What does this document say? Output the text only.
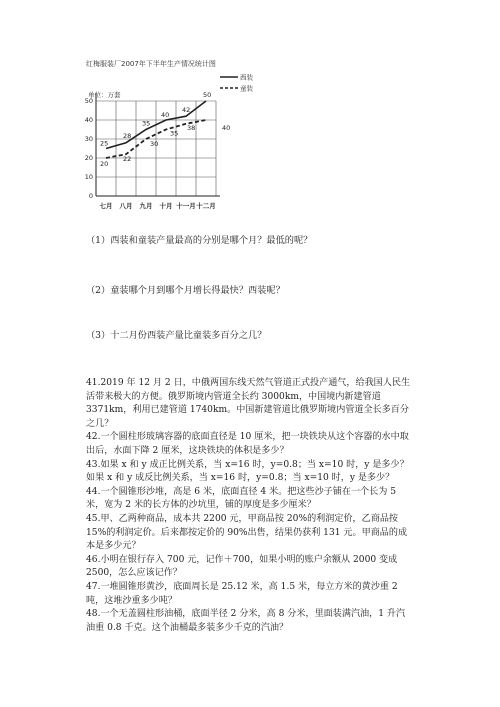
红梅服装厂2007年下半年生产情况统计图
0
10
20
30
40
50
七月 八月 九月 十月 十一月 十二月
25
28
35
40
42
50
20
22
30
35
38	40
西装
童装
单位：万套
（1）西装和童装产量最高的分别是哪个月？最低的呢？
（2）童装哪个月到哪个月增长得最快？西装呢？
（3）十二月份西装产量比童装多百分之几？

41.2019 年 12 月 2 日，中俄两国东线天然气管道正式投产通气，给我国人民生活带来极大的方便。俄罗斯境内管道全长约 3000km，中国境内新建管道 3371km，利用已建管道 1740km。中国新建管道比俄罗斯境内管道全长多百分之几？

42.一个圆柱形玻璃容器的底面直径是 10 厘米，把一块铁块从这个容器的水中取出后，水面下降 2 厘米，这块铁块的体积是多少？

43.如果 x 和 y 成正比例关系，当 x=16 时，y=0.8；当 x=10 时，y 是多少？如果 x 和 y 成反比例关系，当 x=16 时，y=0.8；当 x=10 时，y 是多少？

44.一个圆锥形沙堆，高是 6 米，底面直径 4 米。把这些沙子铺在一个长为 5 米，宽为 2 米的长方体的沙坑里，铺的厚度是多少厘米？

45.甲、乙两种商品，成本共 2200 元，甲商品按 20%的利润定价，乙商品按 15%的利润定价。后来都按定价的 90%出售，结果仍获利 131 元。甲商品的成本是多少元？

46.小明在银行存入 700 元，记作＋700，如果小明的账户余额从 2000 变成 2500，怎么应该记作？

47.一堆圆锥形黄沙，底面周长是 25.12 米，高 1.5 米，每立方米的黄沙重 2 吨，这堆沙重多少吨？

48.一个无盖圆柱形油桶，底面半径 2 分米，高 8 分米，里面装满汽油，1 升汽油重 0.8 千克。这个油桶最多装多少千克的汽油？
